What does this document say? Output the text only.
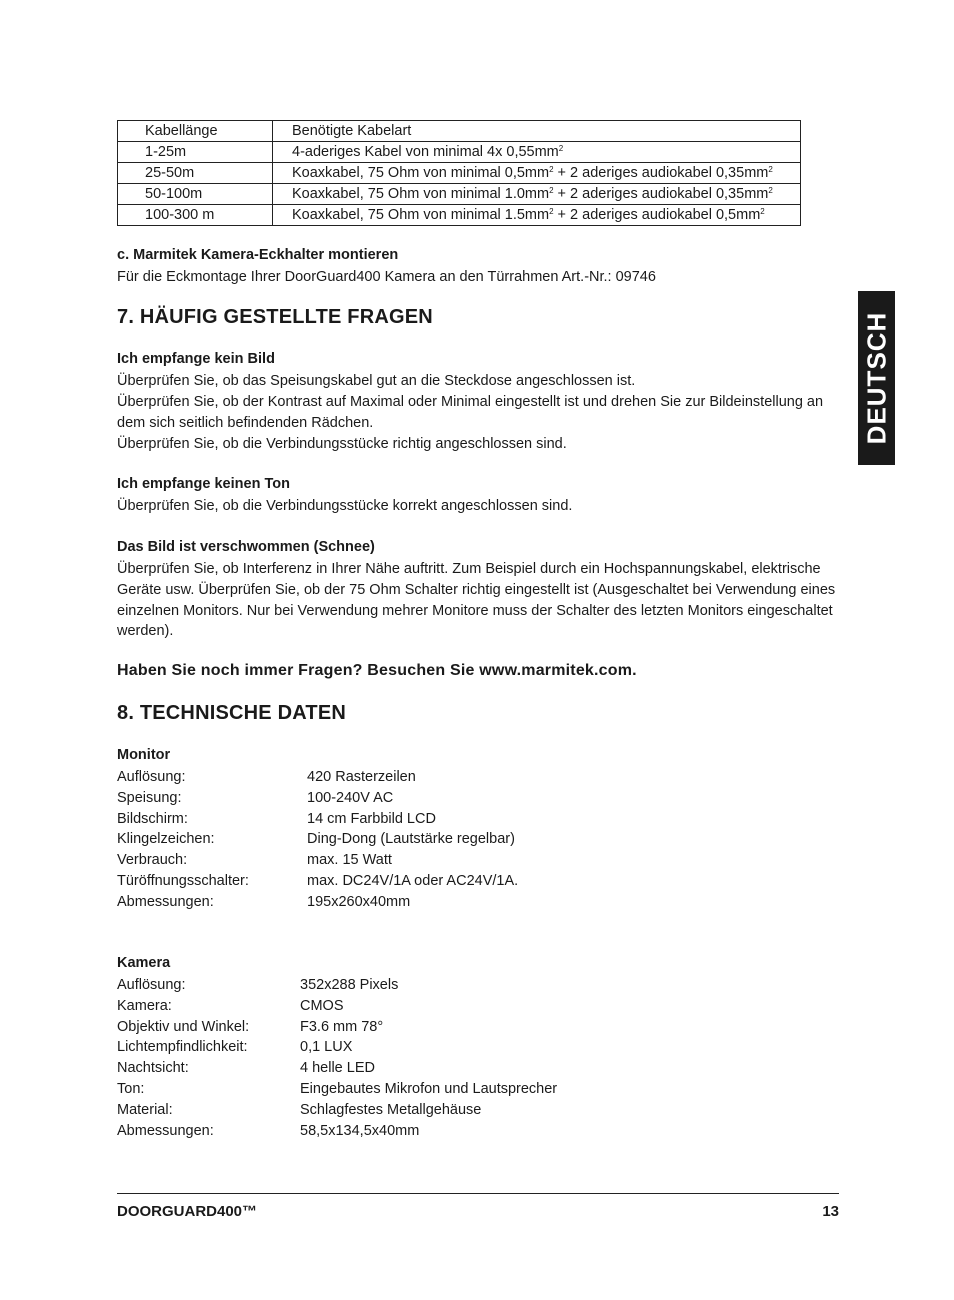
Kabellänge	Benötigte Kabelart
1-25m	4-aderiges Kabel von minimal 4x $0,55mm^2$
25-50m	Koaxkabel, 75 Ohm von minimal $0,5mm^2 + 2$ aderiges audiokabel $0,35mm^2$
50-100m	Koaxkabel, 75 Ohm von minimal $1.0mm^2 + 2$ aderiges audiokabel $0,35mm^2$
100-300 m	Koaxkabel, 75 Ohm von minimal $1.5mm^2 + 2$ aderiges audiokabel $0,5mm^2$
c. Marmitek Kamera-Eckhalter montieren
Für die Eckmontage Ihrer DoorGuard400 Kamera an den Türrahmen Art.-Nr.: 09746
7. HÄUFIG GESTELLTE FRAGEN
Ich empfange kein Bild
Überprüfen Sie, ob das Speisungskabel gut an die Steckdose angeschlossen ist.
Überprüfen Sie, ob der Kontrast auf Maximal oder Minimal eingestellt ist und drehen Sie zur Bildeinstellung an dem sich seitlich befindenden Rädchen.
Überprüfen Sie, ob die Verbindungsstücke richtig angeschlossen sind.
Ich empfange keinen Ton
Überprüfen Sie, ob die Verbindungsstücke korrekt angeschlossen sind.
Das Bild ist verschwommen (Schnee)
Überprüfen Sie, ob Interferenz in Ihrer Nähe auftritt. Zum Beispiel durch ein Hochspannungskabel, elektrische Geräte usw. Überprüfen Sie, ob der 75 Ohm Schalter richtig eingestellt ist (Ausgeschaltet bei Verwendung eines einzelnen Monitors. Nur bei Verwendung mehrer Monitore muss der Schalter des letzten Monitors eingeschaltet werden).
Haben Sie noch immer Fragen? Besuchen Sie www.marmitek.com.
8. TECHNISCHE DATEN
Monitor
Auflösung:	420 Rasterzeilen
Speisung:	100-240V AC
Bildschirm:	14 cm Farbbild LCD
Klingelzeichen:	Ding-Dong (Lautstärke regelbar)
Verbrauch:	max. 15 Watt
Türöffnungsschalter:	max. DC24V/1A oder AC24V/1A.
Abmessungen:	195x260x40mm
Kamera
Auflösung:	352x288 Pixels
Kamera:	CMOS
Objektiv und Winkel:	F3.6 mm 78°
Lichtempfindlichkeit:	0,1 LUX
Nachtsicht:	4 helle LED
Ton:	Eingebautes Mikrofon und Lautsprecher
Material:	Schlagfestes Metallgehäuse
Abmessungen:	58,5x134,5x40mm
DEUTSCH
DOORGUARD400™	13
